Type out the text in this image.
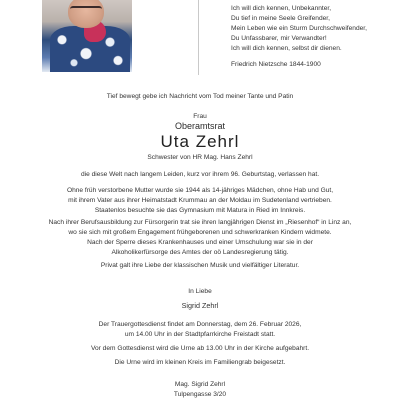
Ich will dich kennen, Unbekannter,
Du tief in meine Seele Greifender,
Mein Leben wie ein Sturm Durchschweifender,
Du Unfassbarer, mir Verwandter!
Ich will dich kennen, selbst dir dienen.
Friedrich Nietzsche 1844-1900
Tief bewegt gebe ich Nachricht vom Tod meiner Tante und Patin
Frau
Oberamtsrat
Uta Zehrl
Schwester von HR Mag. Hans Zehrl
die diese Welt nach langem Leiden, kurz vor ihrem 96. Geburtstag, verlassen hat.
Ohne früh verstorbene Mutter wurde sie 1944 als 14-jähriges Mädchen, ohne Hab und Gut,
mit ihrem Vater aus ihrer Heimatstadt Krummau an der Moldau im Sudetenland vertrieben.
Staatenlos besuchte sie das Gymnasium mit Matura in Ried im Innkreis.
Nach ihrer Berufsausbildung zur Fürsorgerin trat sie ihren langjährigen Dienst im „Riesenhof“ in Linz an,
wo sie sich mit großem Engagement frühgeborenen und schwerkranken Kindern widmete.
Nach der Sperre dieses Krankenhauses und einer Umschulung war sie in der
Alkoholikerfürsorge des Amtes der oö Landesregierung tätig.
Privat galt ihre Liebe der klassischen Musik und vielfältiger Literatur.
In Liebe
Sigrid Zehrl
Der Trauergottesdienst findet am Donnerstag, dem 26. Februar 2026,
um 14.00 Uhr in der Stadtpfarrkirche Freistadt statt.
Vor dem Gottesdienst wird die Urne ab 13.00 Uhr in der Kirche aufgebahrt.
Die Urne wird im kleinen Kreis im Familiengrab beigesetzt.
Mag. Sigrid Zehrl
Tulpengasse 3/20
